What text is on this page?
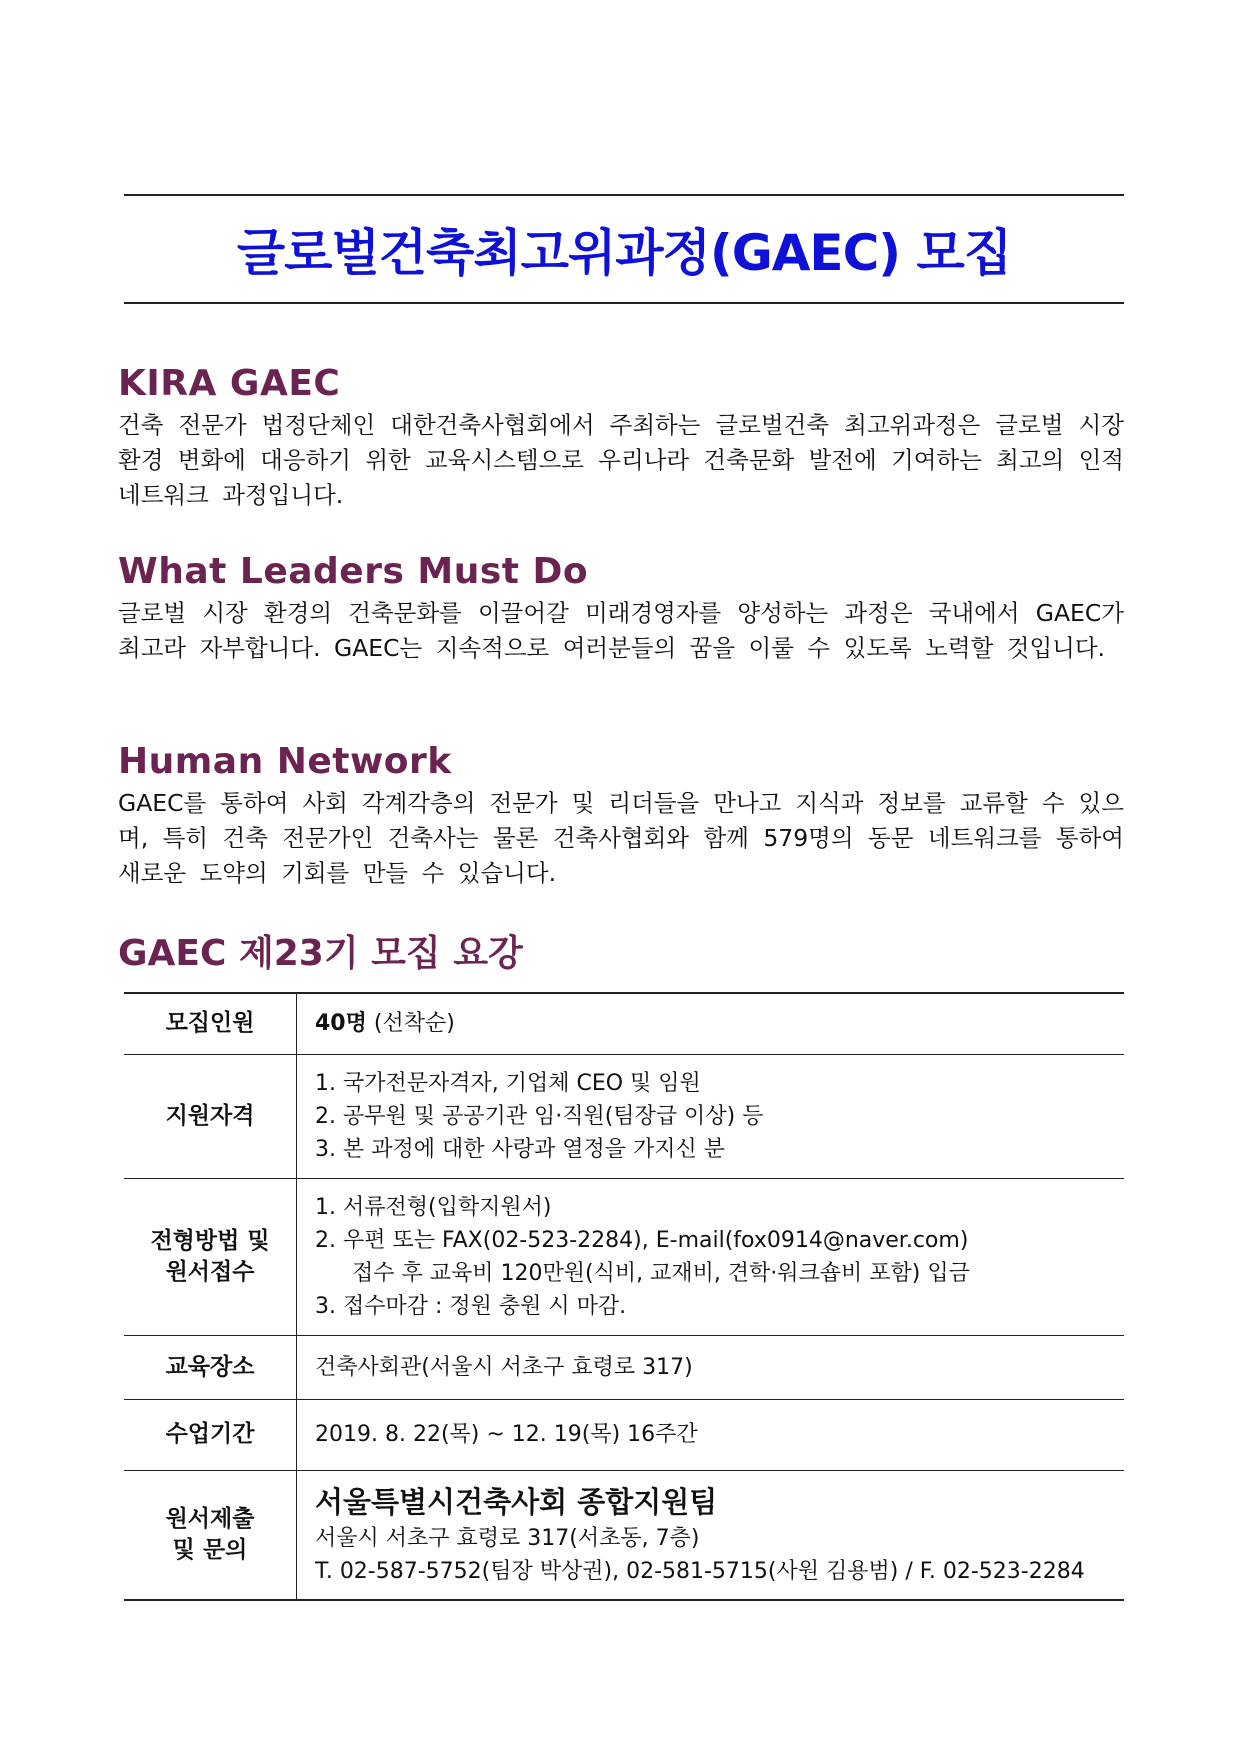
글로벌건축최고위과정(GAEC) 모집
KIRA GAEC

건축 전문가 법정단체인 대한건축사협회에서 주최하는 글로벌건축 최고위과정은 글로벌 시장 환경 변화에 대응하기 위한 교육시스템으로 우리나라 건축문화 발전에 기여하는 최고의 인적 네트워크 과정입니다.

What Leaders Must Do

글로벌 시장 환경의 건축문화를 이끌어갈 미래경영자를 양성하는 과정은 국내에서 GAEC가 최고라 자부합니다. GAEC는 지속적으로 여러분들의 꿈을 이룰 수 있도록 노력할 것입니다.

Human Network

GAEC를 통하여 사회 각계각층의 전문가 및 리더들을 만나고 지식과 정보를 교류할 수 있으며, 특히 건축 전문가인 건축사는 물론 건축사협회와 함께 579명의 동문 네트워크를 통하여 새로운 도약의 기회를 만들 수 있습니다.

GAEC 제23기 모집 요강
모집인원	40명 (선착순)
지원자격	1. 국가전문자격자, 기업체 CEO 및 임원
2. 공무원 및 공공기관 임·직원(팀장급 이상) 등
3. 본 과정에 대한 사랑과 열정을 가지신 분

전형방법 및
원서접수	1. 서류전형(입학지원서)
2. 우편 또는 FAX(02-523-2284), E-mail(fox0914@naver.com)
접수 후 교육비 120만원(식비, 교재비, 견학·워크숍비 포함) 입금
3. 접수마감 : 정원 충원 시 마감.

교육장소	건축사회관(서울시 서초구 효령로 317)
수업기간	2019. 8. 22(목) ~ 12. 19(목) 16주간

원서제출
및 문의	서울특별시건축사회 종합지원팀
서울시 서초구 효령로 317(서초동, 7층)
T. 02-587-5752(팀장 박상권), 02-581-5715(사원 김용범) / F. 02-523-2284
